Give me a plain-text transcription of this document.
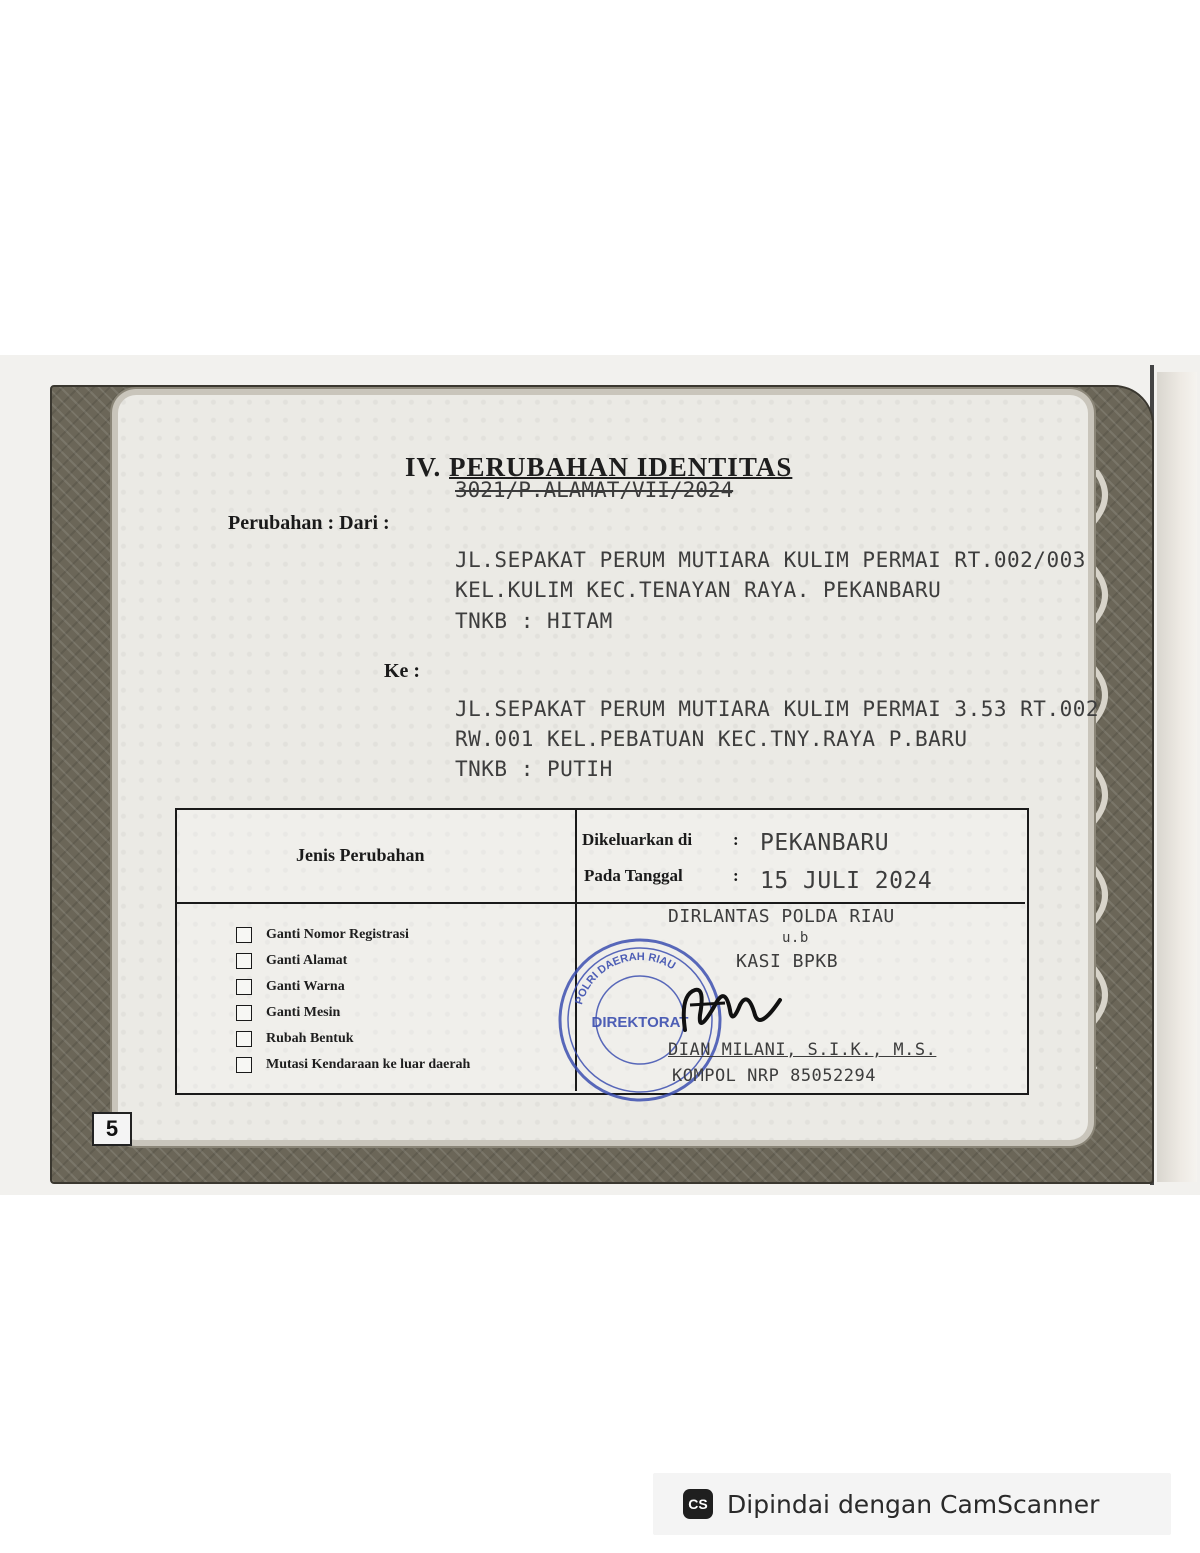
IV. PERUBAHAN IDENTITAS
3021/P.ALAMAT/VII/2024
Perubahan : Dari :
JL.SEPAKAT PERUM MUTIARA KULIM PERMAI RT.002/003
KEL.KULIM KEC.TENAYAN RAYA. PEKANBARU
TNKB : HITAM
Ke :
JL.SEPAKAT PERUM MUTIARA KULIM PERMAI 3.53 RT.002
RW.001 KEL.PEBATUAN KEC.TNY.RAYA P.BARU
TNKB : PUTIH
Jenis Perubahan
Dikeluarkan di : PEKANBARU
Pada Tanggal	: 15 JULI 2024
Ganti Nomor Registrasi
Ganti Alamat
Ganti Warna
Ganti Mesin
Rubah Bentuk
Mutasi Kendaraan ke luar daerah
DIRLANTAS POLDA RIAU
u.b
KASI BPKB
POLRI DAERAH RIAU
DIREKTORAT
DIAN MILANI, S.I.K., M.S.
KOMPOL NRP 85052294
5
CS Dipindai dengan CamScanner
